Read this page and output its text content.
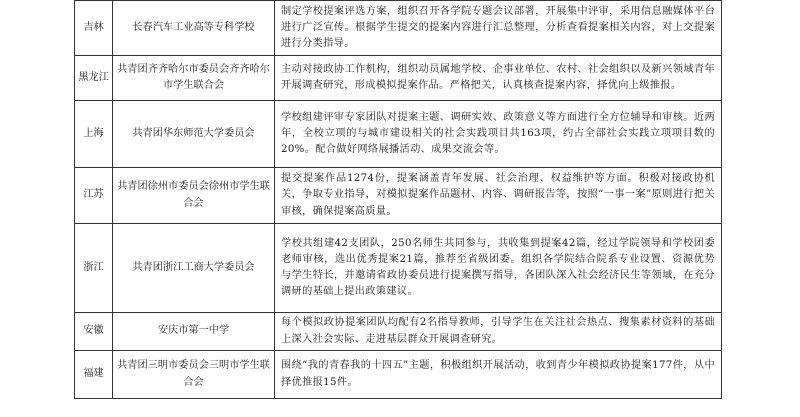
吉林	长春汽车工业高等专科学校	制定学校提案评选方案，组织召开各学院专题会议部署，开展集中评审，采用信息融媒体平台进行广泛宣传。根据学生提交的提案内容进行汇总整理，分析查看提案相关内容，对上交提案进行分类指导。
黑龙江	共青团齐齐哈尔市委员会齐齐哈尔市学生联合会	主动对接政协工作机构，组织动员属地学校、企事业单位、农村、社会组织以及新兴领域青年开展调查研究，形成模拟提案作品。严格把关，认真核查提案内容，择优向上级推报。
上海	共青团华东师范大学委员会	学校组建评审专家团队对提案主题、调研实效、政策意义等方面进行全方位辅导和审核。近两年，全校立项的与城市建设相关的社会实践项目共163项，约占全部社会实践立项项目数的20%。配合做好网络展播活动、成果交流会等。
江苏	共青团徐州市委员会徐州市学生联合会	提交提案作品1274份，提案涵盖青年发展、社会治理、权益维护等方面。积极对接政协机关，争取专业指导，对模拟提案作品题材、内容、调研报告等，按照“一事一案”原则进行把关审核，确保提案高质量。
浙江	共青团浙江工商大学委员会	学校共组建42支团队，250名师生共同参与，共收集到提案42篇，经过学院领导和学校团委老师审核，选出优秀提案21篇，推荐至省级团委。组织各学院结合院系专业设置、资源优势与学生特长，并邀请省政协委员进行提案撰写指导，各团队深入社会经济民生等领域，在充分调研的基础上提出政策建议。
安徽	安庆市第一中学	每个模拟政协提案团队均配有2名指导教师，引导学生在关注社会热点、搜集素材资料的基础上深入社会实际、走进基层群众开展调查研究。
福建	共青团三明市委员会三明市学生联合会	围绕“我的青春我的十四五”主题，积极组织开展活动，收到青少年模拟政协提案177件，从中择优推报15件。
